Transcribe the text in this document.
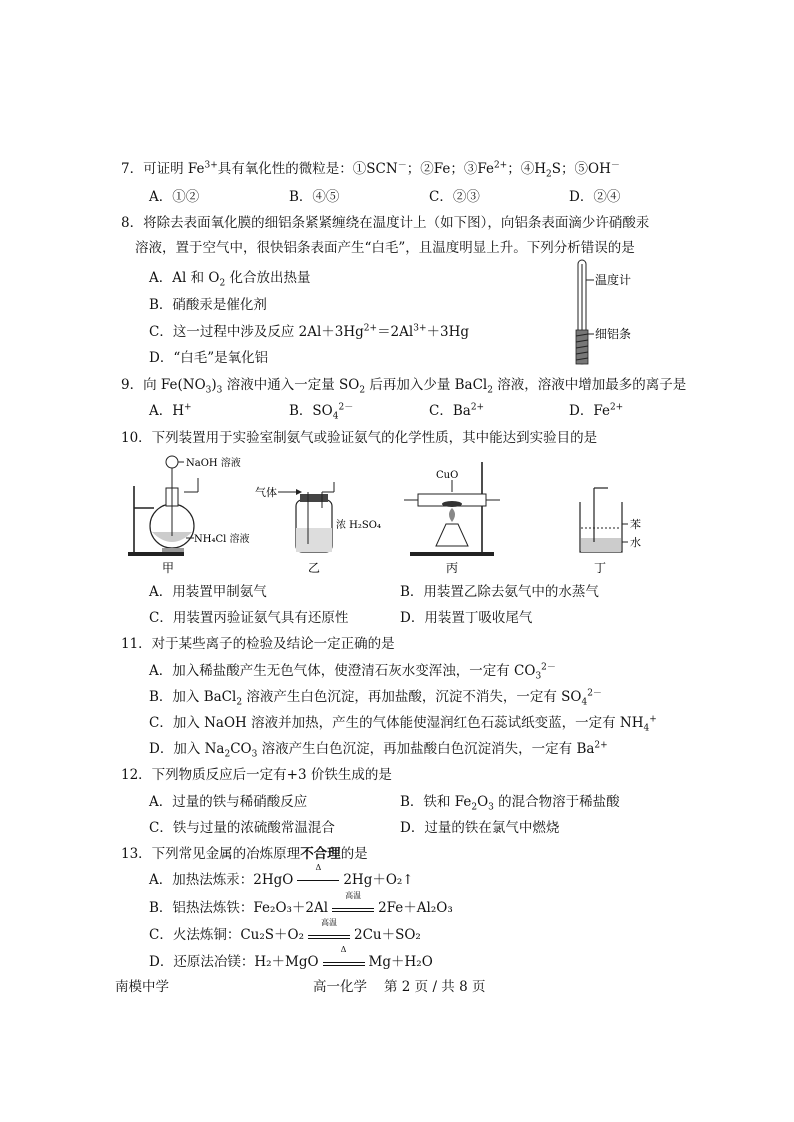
7．可证明 $Fe^{3+}$具有氧化性的微粒是：①SCN－；②Fe；$③Fe^{2+}$；$④H_2S$；⑤OH－
A．①②	B．④⑤	C．②③	D．②④
8．将除去表面氧化膜的细铝条紧紧缠绕在温度计上（如下图），向铝条表面滴少许硝酸汞
溶液，置于空气中，很快铝条表面产生“白毛”，且温度明显上升。下列分析错误的是
A．Al 和 $O_2$ 化合放出热量
B．硝酸汞是催化剂
C．这一过程中涉及反应 $2Al+3Hg^{2+}=2Al^{3+}+3Hg$
D．“白毛”是氧化铝
温度计
细铝条
9．向 $Fe(NO_3)_3$ 溶液中通入一定量 $SO_2$ 后再加入少量 BaCl$_2$ 溶液，溶液中增加最多的离子是
A．H+	B．$SO_4^{2-}$	C．$Ba^{2+}$	D．$Fe^{2+}$
10．下列装置用于实验室制氨气或验证氨气的化学性质，其中能达到实验目的是
NaOH 溶液
NH₄Cl 溶液
甲
气体
浓 H₂SO₄
乙
CuO
丙
苯
水
丁
A．用装置甲制氨气	B．用装置乙除去氨气中的水蒸气
C．用装置丙验证氨气具有还原性	D．用装置丁吸收尾气
11．对于某些离子的检验及结论一定正确的是
A．加入稀盐酸产生无色气体，使澄清石灰水变浑浊，一定有 $CO_3^{2-}$
B．加入 BaCl$_2$ 溶液产生白色沉淀，再加盐酸，沉淀不消失，一定有 $SO_4^{2-}$
C．加入 NaOH 溶液并加热，产生的气体能使湿润红色石蕊试纸变蓝，一定有 $NH_4^+$
D．加入 $Na_2CO_3$ 溶液产生白色沉淀，再加盐酸白色沉淀消失，一定有 $Ba^{2+}$
12．下列物质反应后一定有+3 价铁生成的是
A．过量的铁与稀硝酸反应	B．铁和 $Fe_2O_3$ 的混合物溶于稀盐酸
C．铁与过量的浓硫酸常温混合	D．过量的铁在氯气中燃烧
13．下列常见金属的冶炼原理不合理的是
A．加热法炼汞：2HgO
Δ
2Hg＋O₂↑
B．铝热法炼铁：Fe₂O₃＋2Al
高温
2Fe＋Al₂O₃
C．火法炼铜：Cu₂S＋O₂
高温
2Cu＋SO₂
D．还原法冶镁：H₂＋MgO
Δ
Mg＋H₂O
南模中学	高一化学 第 2 页 / 共 8 页
